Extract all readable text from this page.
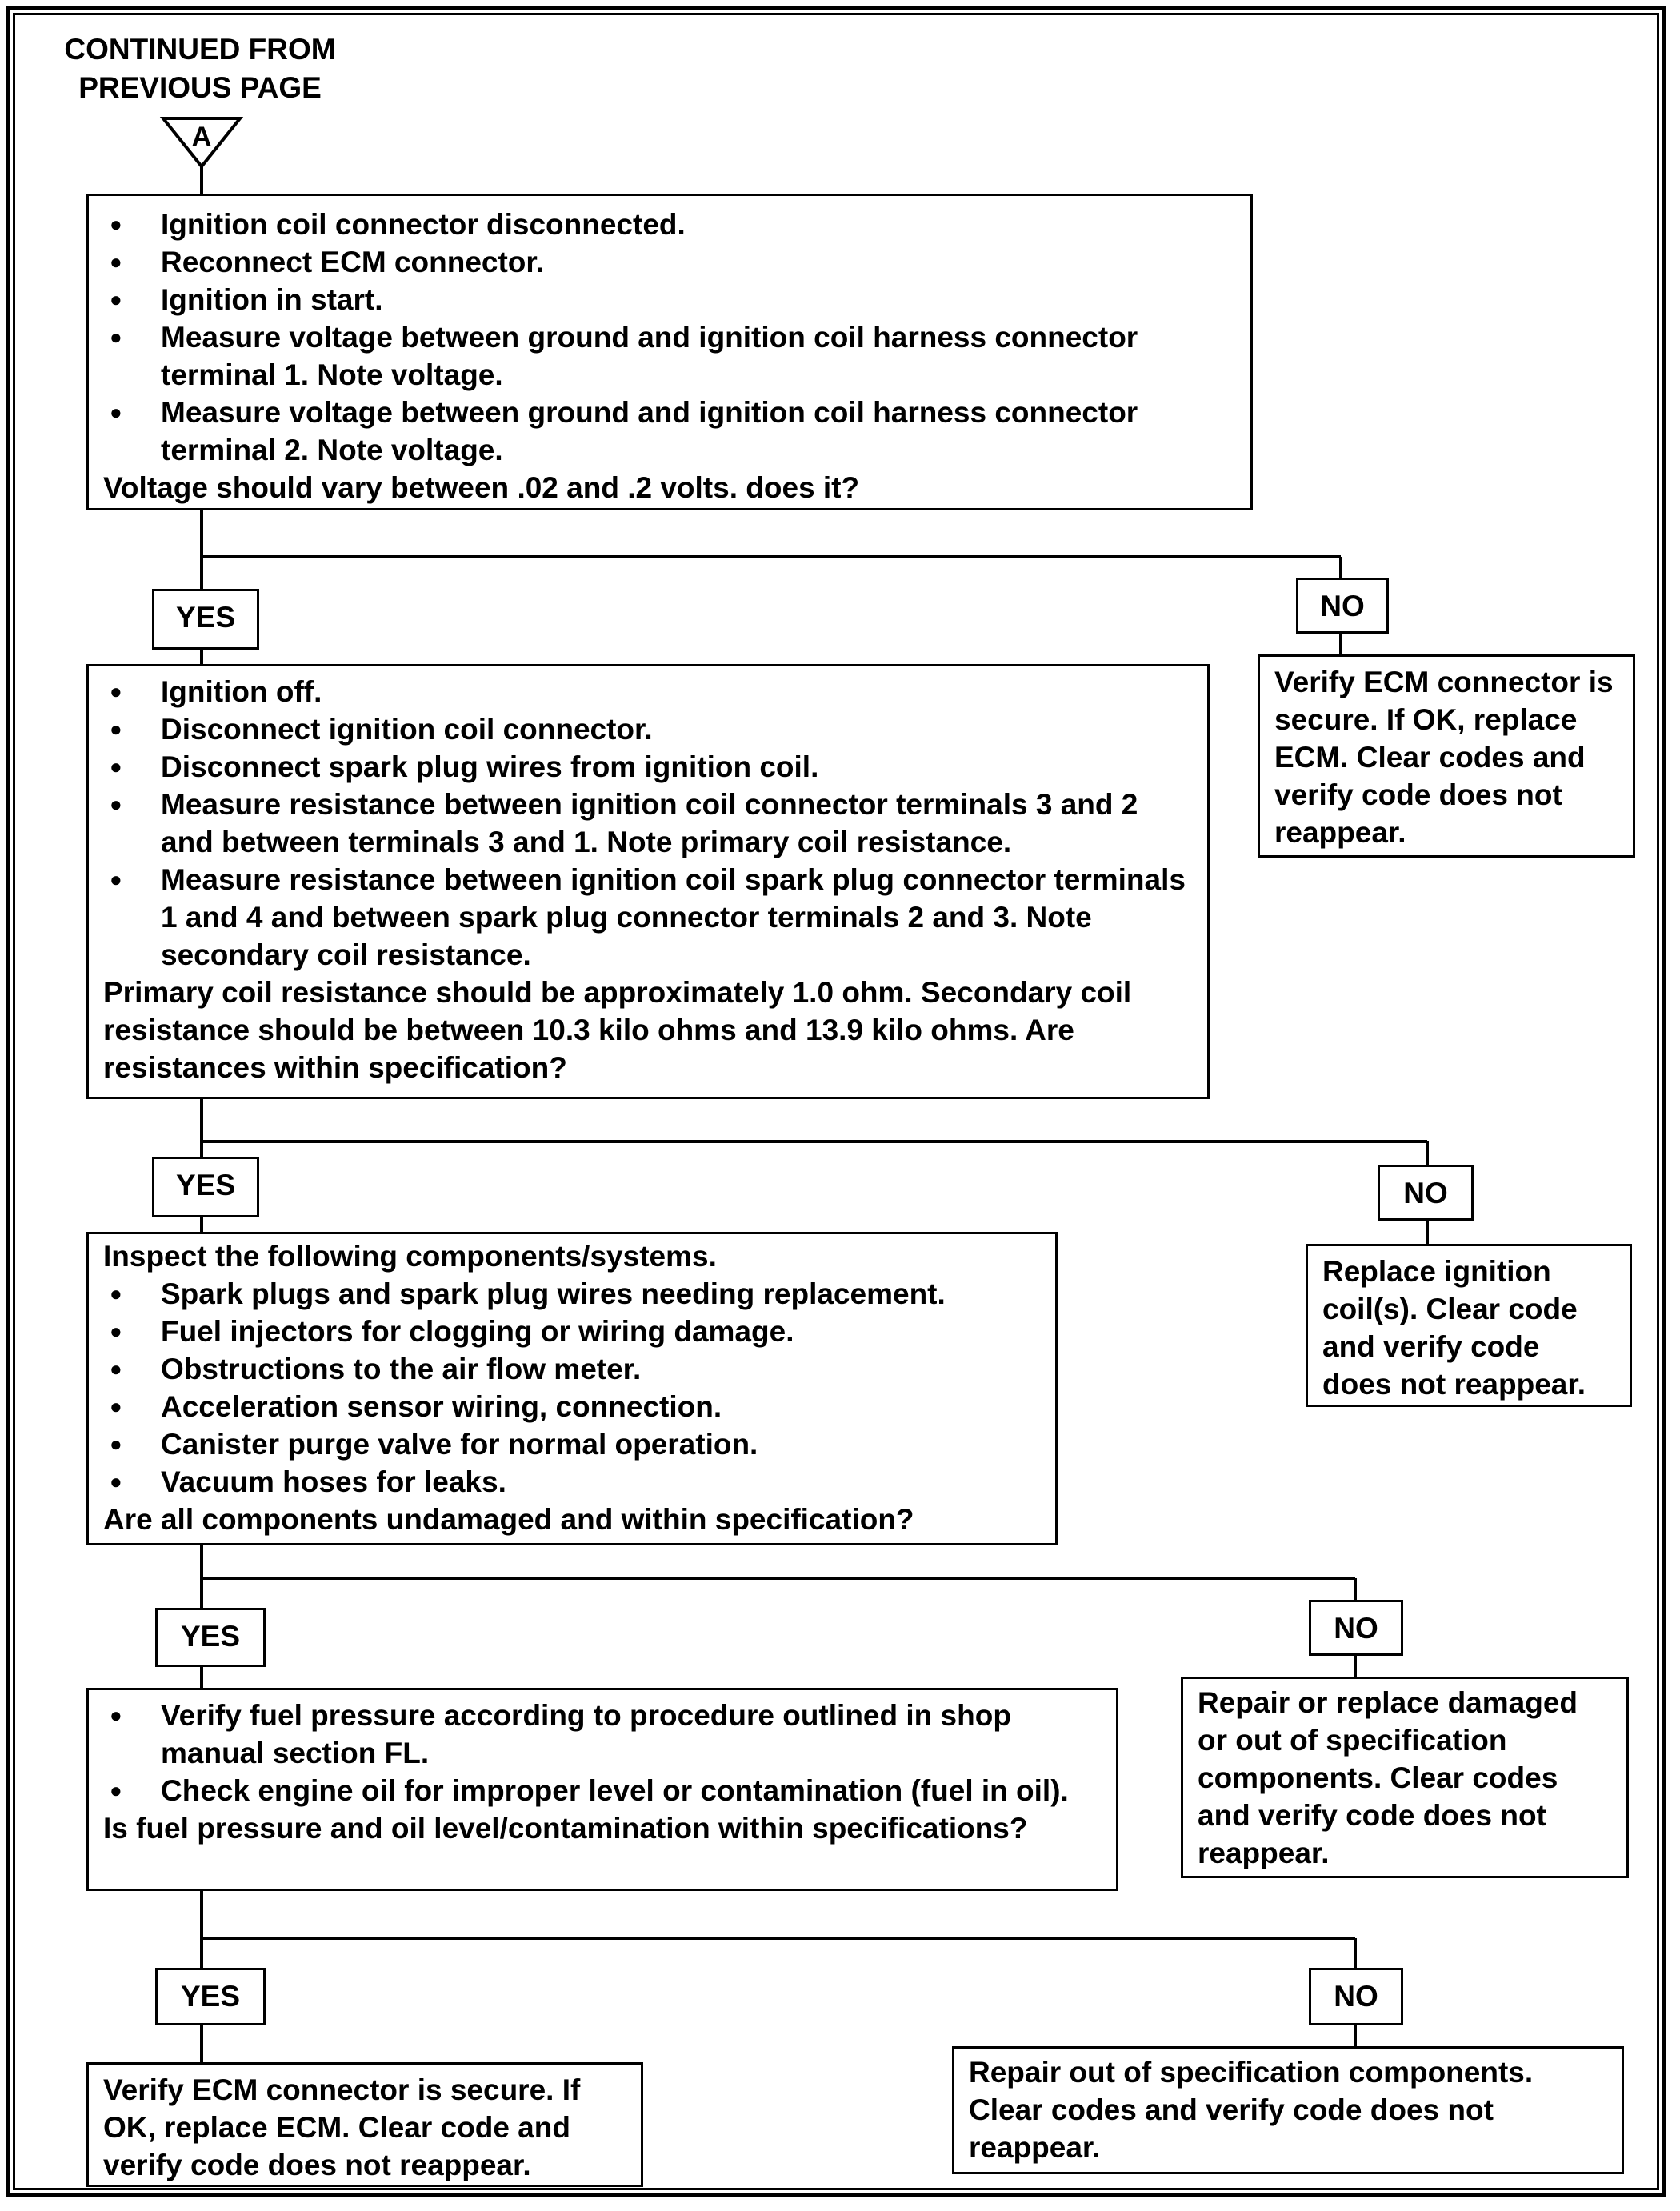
A
CONTINUED FROM
PREVIOUS PAGE
● Ignition coil connector disconnected.
● Reconnect ECM connector.
● Ignition in start.
● Measure voltage between ground and ignition coil harness connector terminal 1. Note voltage.
● Measure voltage between ground and ignition coil harness connector terminal 2. Note voltage.
Voltage should vary between .02 and .2 volts. does it?
YES	NO
Verify ECM connector is secure. If OK, replace ECM. Clear codes and verify code does not reappear.
● Ignition off.
● Disconnect ignition coil connector.
● Disconnect spark plug wires from ignition coil.
● Measure resistance between ignition coil connector terminals 3 and 2 and between terminals 3 and 1. Note primary coil resistance.
● Measure resistance between ignition coil spark plug connector terminals 1 and 4 and between spark plug connector terminals 2 and 3. Note secondary coil resistance.
Primary coil resistance should be approximately 1.0 ohm. Secondary coil resistance should be between 10.3 kilo ohms and 13.9 kilo ohms. Are resistances within specification?
YES	NO
Replace ignition coil(s). Clear code and verify code does not reappear.
Inspect the following components/systems.
● Spark plugs and spark plug wires needing replacement.
● Fuel injectors for clogging or wiring damage.
● Obstructions to the air flow meter.
● Acceleration sensor wiring, connection.
● Canister purge valve for normal operation.
● Vacuum hoses for leaks.
Are all components undamaged and within specification?
YES	NO
Repair or replace damaged or out of specification components. Clear codes and verify code does not reappear.
● Verify fuel pressure according to procedure outlined in shop manual section FL.
● Check engine oil for improper level or contamination (fuel in oil).
Is fuel pressure and oil level/contamination within specifications?
YES	NO
Verify ECM connector is secure. If OK, replace ECM. Clear code and verify code does not reappear.
Repair out of specification components. Clear codes and verify code does not reappear.
